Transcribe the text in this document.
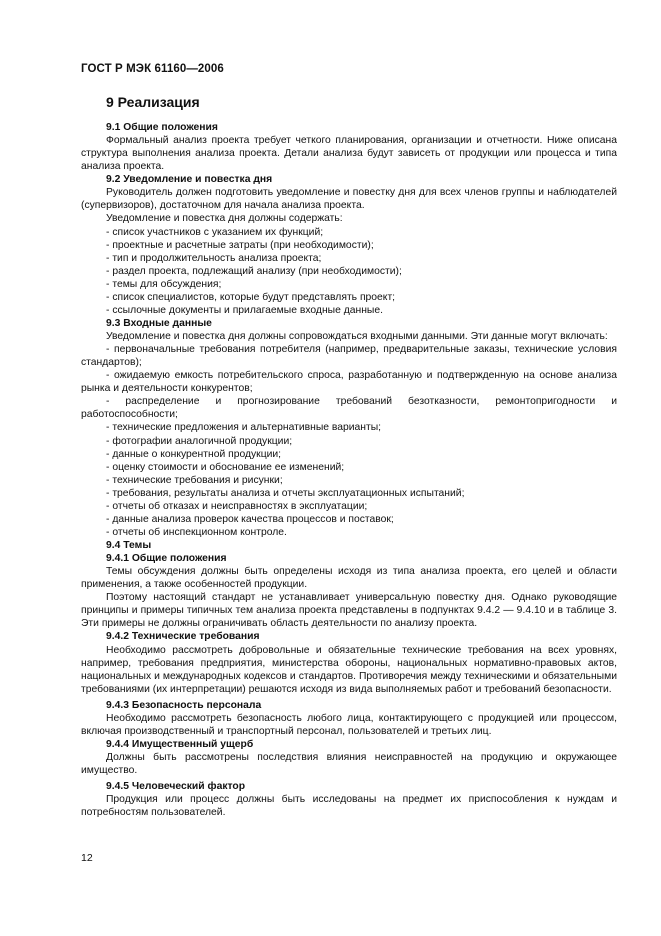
ГОСТ Р МЭК 61160—2006
9 Реализация

9.1 Общие положения

Формальный анализ проекта требует четкого планирования, организации и отчетности. Ниже описана структура выполнения анализа проекта. Детали анализа будут зависеть от продукции или процесса и типа анализа проекта.

9.2 Уведомление и повестка дня

Руководитель должен подготовить уведомление и повестку дня для всех членов группы и наблюдателей (супервизоров), достаточном для начала анализа проекта.

Уведомление и повестка дня должны содержать:

- список участников с указанием их функций;

- проектные и расчетные затраты (при необходимости);

- тип и продолжительность анализа проекта;

- раздел проекта, подлежащий анализу (при необходимости);

- темы для обсуждения;

- список специалистов, которые будут представлять проект;

- ссылочные документы и прилагаемые входные данные.

9.3 Входные данные

Уведомление и повестка дня должны сопровождаться входными данными. Эти данные могут включать:

- первоначальные требования потребителя (например, предварительные заказы, технические условия стандартов);

- ожидаемую емкость потребительского спроса, разработанную и подтвержденную на основе анализа рынка и деятельности конкурентов;

- распределение и прогнозирование требований безотказности, ремонтопригодности и работоспособности;

- технические предложения и альтернативные варианты;

- фотографии аналогичной продукции;

- данные о конкурентной продукции;

- оценку стоимости и обоснование ее изменений;

- технические требования и рисунки;

- требования, результаты анализа и отчеты эксплуатационных испытаний;

- отчеты об отказах и неисправностях в эксплуатации;

- данные анализа проверок качества процессов и поставок;

- отчеты об инспекционном контроле.

9.4 Темы

9.4.1 Общие положения

Темы обсуждения должны быть определены исходя из типа анализа проекта, его целей и области применения, а также особенностей продукции.

Поэтому настоящий стандарт не устанавливает универсальную повестку дня. Однако руководящие принципы и примеры типичных тем анализа проекта представлены в подпунктах 9.4.2 — 9.4.10 и в таблице 3. Эти примеры не должны ограничивать область деятельности по анализу проекта.

9.4.2 Технические требования

Необходимо рассмотреть добровольные и обязательные технические требования на всех уровнях, например, требования предприятия, министерства обороны, национальных нормативно-правовых актов, национальных и международных кодексов и стандартов. Противоречия между техническими и обязательными требованиями (их интерпретации) решаются исходя из вида выполняемых работ и требований безопасности.

9.4.3 Безопасность персонала

Необходимо рассмотреть безопасность любого лица, контактирующего с продукцией или процессом, включая производственный и транспортный персонал, пользователей и третьих лиц.

9.4.4 Имущественный ущерб

Должны быть рассмотрены последствия влияния неисправностей на продукцию и окружающее имущество.

9.4.5 Человеческий фактор

Продукция или процесс должны быть исследованы на предмет их приспособления к нуждам и потребностям пользователей.

12
